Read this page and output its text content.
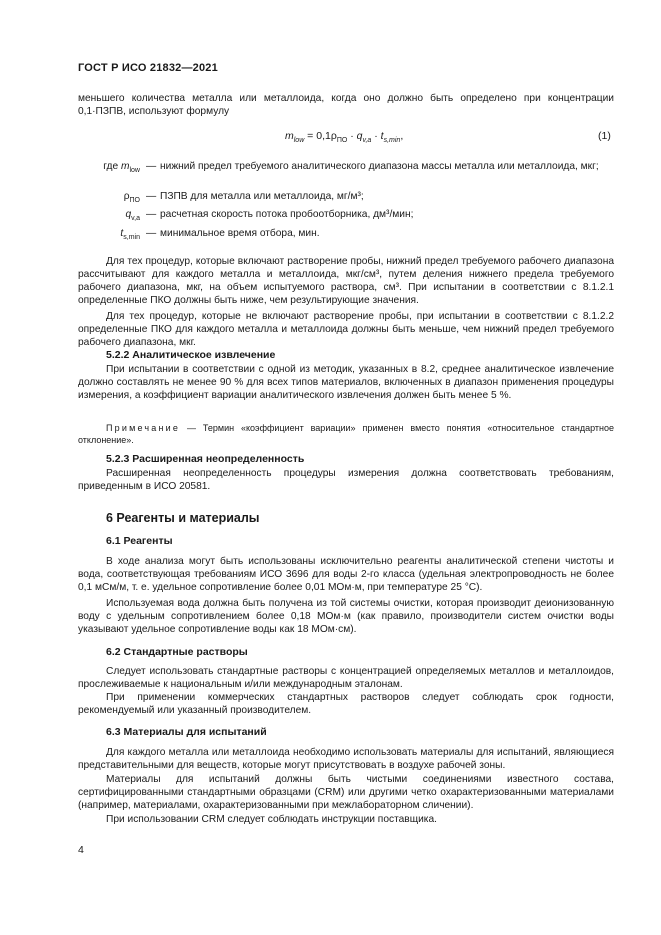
ГОСТ Р ИСО 21832—2021

меньшего количества металла или металлоида, когда оно должно быть определено при концентрации 0,1·ПЗПВ, используют формулу

$m_{low} = 0,1\rho_{ПО} \cdot q_{v,a} \cdot t_{s,min}$,	(1)
где $m_{low}$ — нижний предел требуемого аналитического диапазона массы металла или металлоида, мкг;
$\rho_{ПО}$ — ПЗПВ для металла или металлоида, мг/м³;
$q_{v,a}$ — расчетная скорость потока пробоотборника, дм³/мин;
$t_{s,min}$ — минимальное время отбора, мин.

Для тех процедур, которые включают растворение пробы, нижний предел требуемого рабочего диапазона рассчитывают для каждого металла и металлоида, мкг/см³, путем деления нижнего предела требуемого рабочего диапазона, мкг, на объем испытуемого раствора, см³. При испытании в соответствии с 8.1.2.1 определенные ПКО должны быть ниже, чем результирующие значения.

Для тех процедур, которые не включают растворение пробы, при испытании в соответствии с 8.1.2.2 определенные ПКО для каждого металла и металлоида должны быть меньше, чем нижний предел требуемого рабочего диапазона, мкг.

5.2.2 Аналитическое извлечение

При испытании в соответствии с одной из методик, указанных в 8.2, среднее аналитическое извлечение должно составлять не менее 90 % для всех типов материалов, включенных в диапазон применения процедуры измерения, а коэффициент вариации аналитического извлечения должен быть менее 5 %.

Примечание — Термин «коэффициент вариации» применен вместо понятия «относительное стандартное отклонение».

5.2.3 Расширенная неопределенность

Расширенная неопределенность процедуры измерения должна соответствовать требованиям, приведенным в ИСО 20581.

6 Реагенты и материалы
6.1 Реагенты

В ходе анализа могут быть использованы исключительно реагенты аналитической степени чистоты и вода, соответствующая требованиям ИСО 3696 для воды 2-го класса (удельная электропроводность не более 0,1 мСм/м, т. е. удельное сопротивление более 0,01 МОм·м, при температуре 25 °С).

Используемая вода должна быть получена из той системы очистки, которая производит деионизованную воду с удельным сопротивлением более 0,18 МОм·м (как правило, производители систем очистки воды указывают удельное сопротивление воды как 18 МОм·см).

6.2 Стандартные растворы

Следует использовать стандартные растворы с концентрацией определяемых металлов и металлоидов, прослеживаемые к национальным и/или международным эталонам.

При применении коммерческих стандартных растворов следует соблюдать срок годности, рекомендуемый или указанный производителем.

6.3 Материалы для испытаний

Для каждого металла или металлоида необходимо использовать материалы для испытаний, являющиеся представительными для веществ, которые могут присутствовать в воздухе рабочей зоны.

Материалы для испытаний должны быть чистыми соединениями известного состава, сертифицированными стандартными образцами (CRM) или другими четко охарактеризованными материалами (например, материалами, охарактеризованными при межлабораторном сличении).

При использовании CRM следует соблюдать инструкции поставщика.

4
